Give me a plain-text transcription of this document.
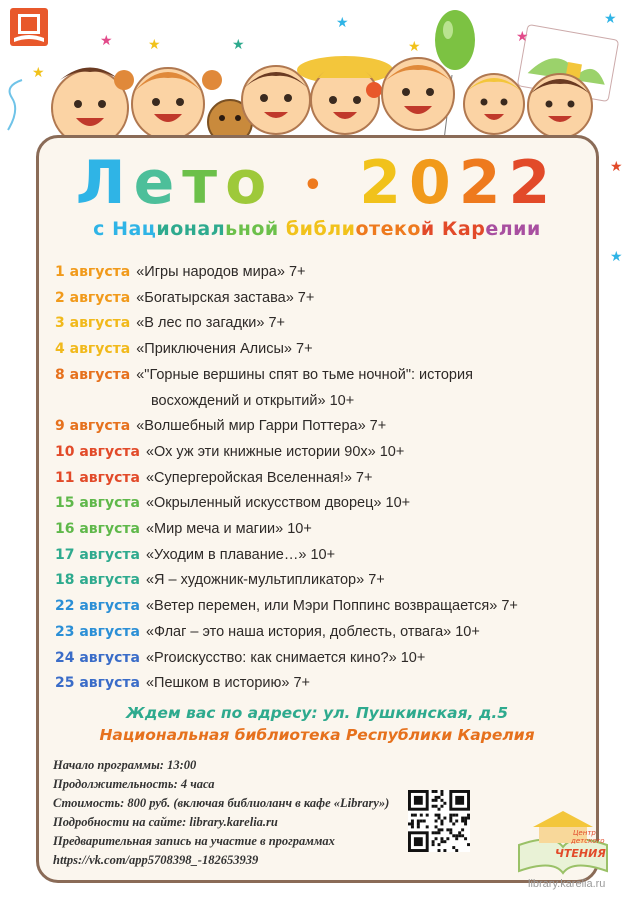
★
★	★	★
★
★
★
★
★
★
Лето • 2022
с Национальной библиотекой Карелии
1 августа «Игры народов мира» 7+
2 августа «Богатырская застава» 7+
3 августа «В лес по загадки» 7+
4 августа «Приключения Алисы» 7+
8 августа «"Горные вершины спят во тьме ночной": история
восхождений и открытий» 10+
9 августа «Волшебный мир Гарри Поттера» 7+
10 августа «Ох уж эти книжные истории 90х» 10+
11 августа «Супергеройская Вселенная!» 7+
15 августа «Окрыленный искусством дворец» 10+
16 августа «Мир меча и магии» 10+
17 августа «Уходим в плавание…» 10+
18 августа «Я – художник-мультипликатор» 7+
22 августа «Ветер перемен, или Мэри Поппинс возвращается» 7+
23 августа «Флаг – это наша история, доблесть, отвага» 10+
24 августа «Рroискусство: как снимается кино?» 10+
25 августа «Пешком в историю» 7+
Ждем вас по адресу: ул. Пушкинская, д.5
Национальная библиотека Республики Карелия
Начало программы: 13:00
Продолжительность: 4 часа
Стоимость: 800 руб. (включая библиоланч в кафе «Library»)
Подробности на сайте: library.karelia.ru
Предварительная запись на участие в программах
https://vk.com/app5708398_-182653939
Центр
детского
ЧТЕНИЯ
library.karelia.ru
